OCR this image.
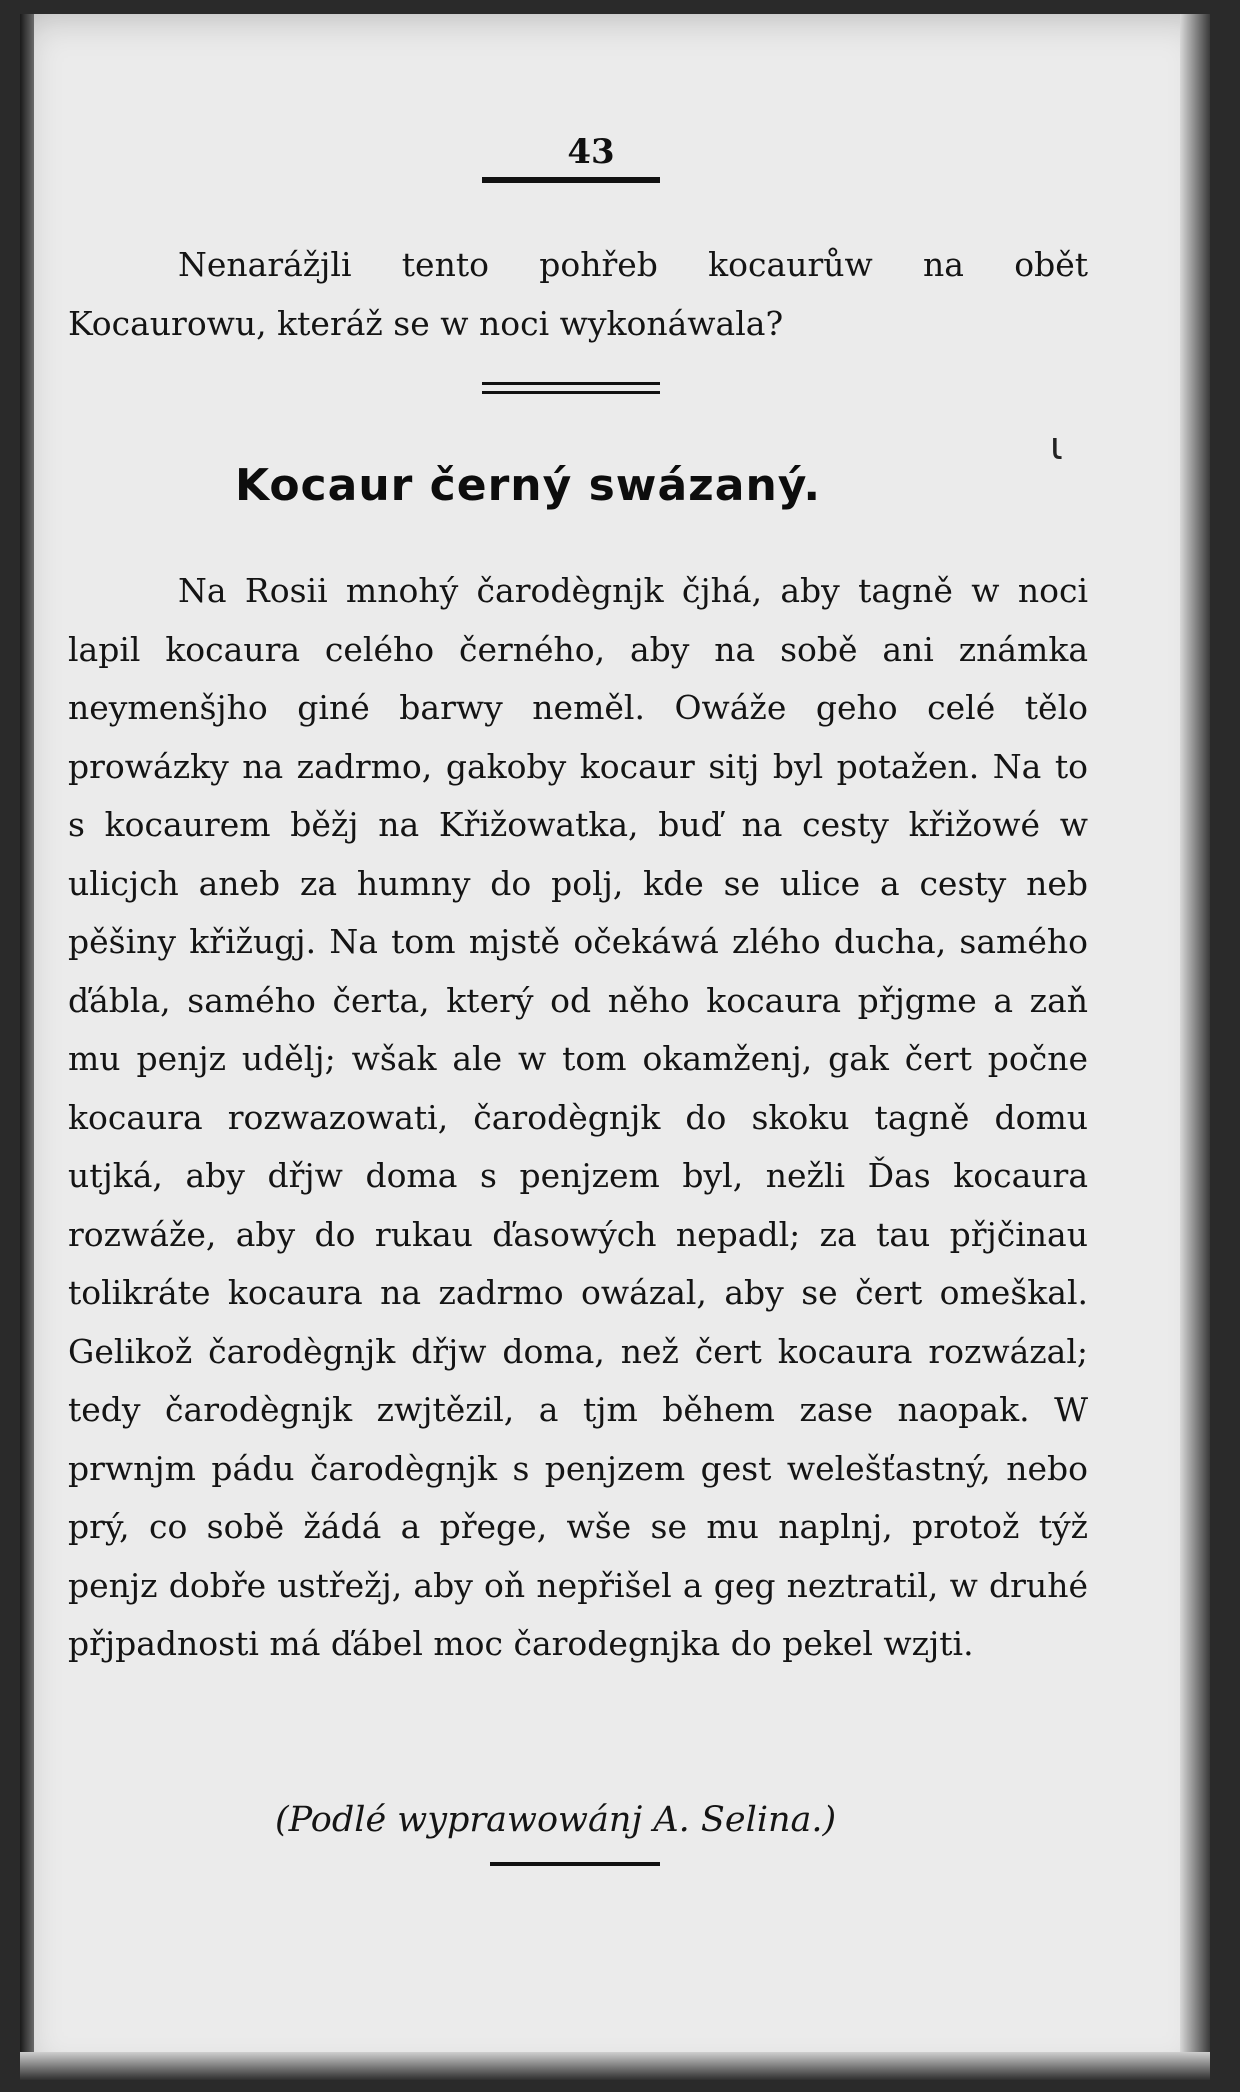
43
Nenarážjli tento pohřeb kocaurůw na obět Kocaurowu, kteráž se w noci wykonáwala?
ɩ
Kocaur černý swázaný.
Na Rosii mnohý čarodègnjk čjhá, aby tagně w noci lapil kocaura celého černého, aby na sobě ani známka neymenšjho giné barwy neměl. Owáže geho celé tělo prowázky na zadrmo, gakoby kocaur sitj byl potažen. Na to s kocaurem běžj na Křižowatka, buď na cesty křižowé w ulicjch aneb za humny do polj, kde se ulice a cesty neb pěšiny křižugj. Na tom mjstě očekáwá zlého ducha, samého ďábla, samého čerta, který od něho kocaura přjgme a zaň mu penjz udělj; wšak ale w tom okamženj, gak čert počne kocaura rozwazowati, čarodègnjk do skoku tagně domu utjká, aby dřjw doma s penjzem byl, nežli Ďas kocaura rozwáže, aby do rukau ďasowých nepadl; za tau přjčinau tolikráte kocaura na zadrmo owázal, aby se čert omeškal. Gelikož čarodègnjk dřjw doma, než čert kocaura rozwázal; tedy čarodègnjk zwjtězil, a tjm během zase naopak. W prwnjm pádu čarodègnjk s penjzem gest welešťastný, nebo prý, co sobě žádá a přege, wše se mu naplnj, protož týž penjz dobře ustřežj, aby oň nepřišel a geg neztratil, w druhé přjpadnosti má ďábel moc čarodegnjka do pekel wzjti.
(Podlé wyprawowánj A. Selina.)
